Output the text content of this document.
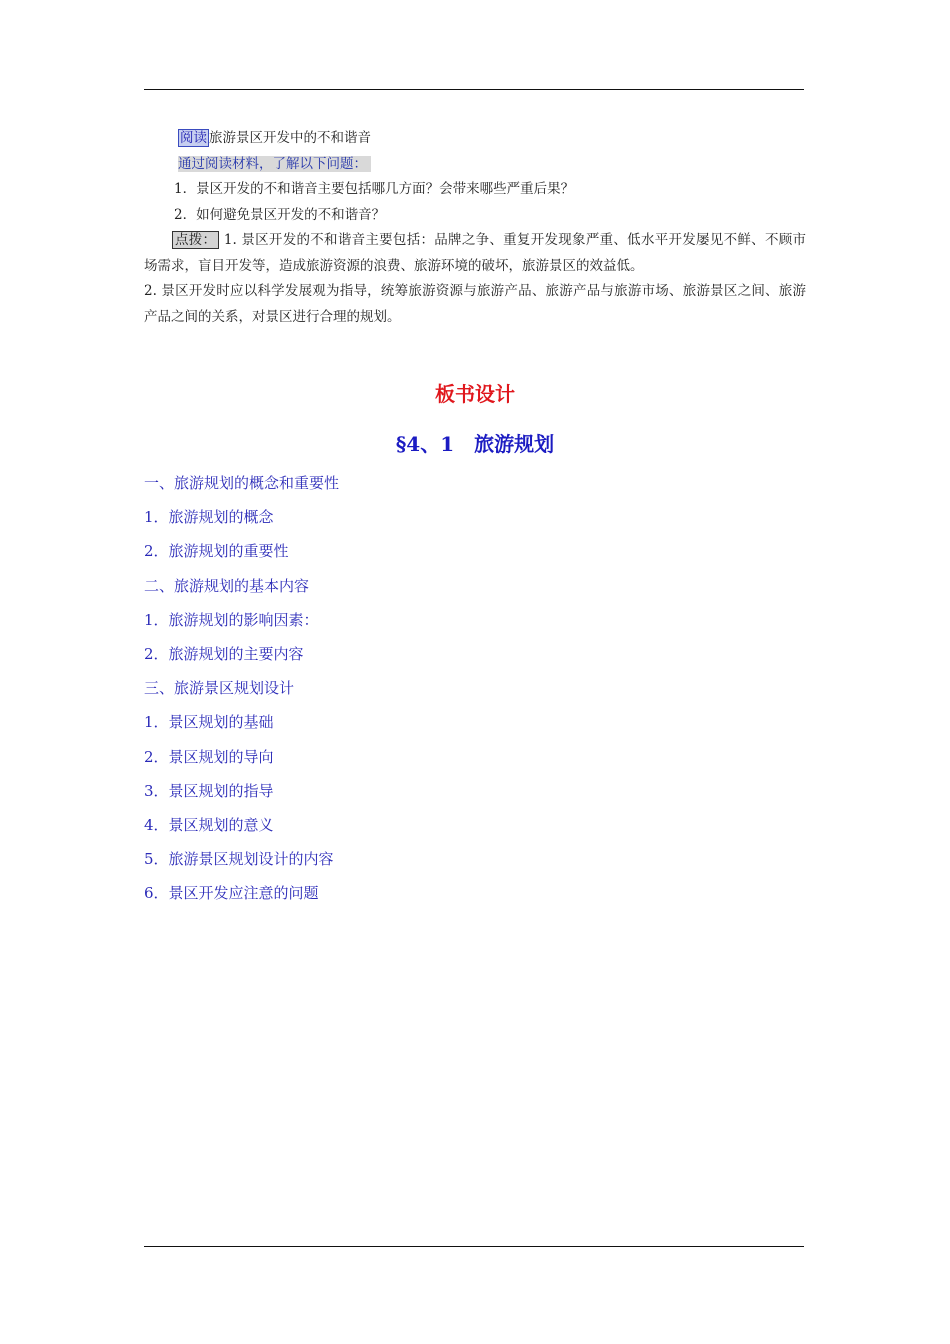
阅读 旅游景区开发中的不和谐音
通过阅读材料，了解以下问题：
1．景区开发的不和谐音主要包括哪几方面？会带来哪些严重后果？
2．如何避免景区开发的不和谐音？
点拨： 1. 景区开发的不和谐音主要包括：品牌之争、重复开发现象严重、低水平开发屡见不鲜、不顾市场需求，盲目开发等，造成旅游资源的浪费、旅游环境的破坏，旅游景区的效益低。
2. 景区开发时应以科学发展观为指导，统筹旅游资源与旅游产品、旅游产品与旅游市场、旅游景区之间、旅游产品之间的关系，对景区进行合理的规划。
板书设计
§4、1　旅游规划
一、旅游规划的概念和重要性
1．旅游规划的概念
2．旅游规划的重要性
二、旅游规划的基本内容
1．旅游规划的影响因素：
2．旅游规划的主要内容
三、旅游景区规划设计
1．景区规划的基础
2．景区规划的导向
3．景区规划的指导
4．景区规划的意义
5．旅游景区规划设计的内容
6．景区开发应注意的问题
